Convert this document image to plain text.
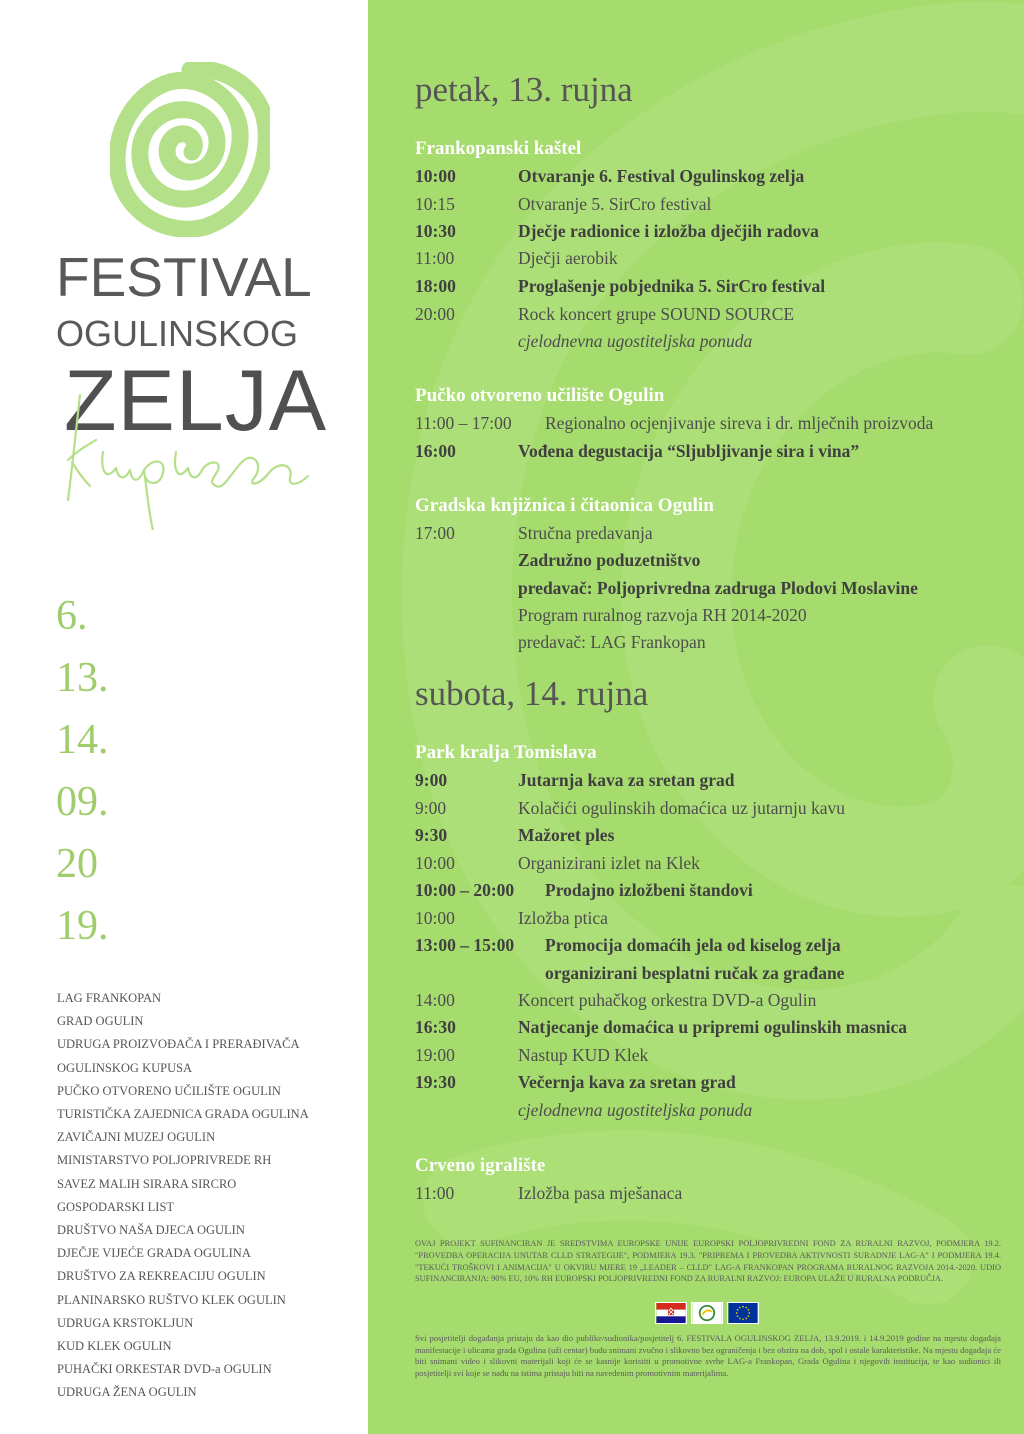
FESTIVAL
OGULINSKOG
ZELJA
6.
13.
14.
09.
20
19.
LAG FRANKOPAN
GRAD OGULIN
UDRUGA PROIZVOĐAČA I PRERAĐIVAČA
OGULINSKOG KUPUSA
PUČKO OTVORENO UČILIŠTE OGULIN
TURISTIČKA ZAJEDNICA GRADA OGULINA
ZAVIČAJNI MUZEJ OGULIN
MINISTARSTVO POLJOPRIVREDE RH
SAVEZ MALIH SIRARA SIRCRO
GOSPODARSKI LIST
DRUŠTVO NAŠA DJECA OGULIN
DJEČJE VIJEĆE GRADA OGULINA
DRUŠTVO ZA REKREACIJU OGULIN
PLANINARSKO RUŠTVO KLEK OGULIN
UDRUGA KRSTOKLJUN
KUD KLEK OGULIN
PUHAČKI ORKESTAR DVD-a OGULIN
UDRUGA ŽENA OGULIN
petak, 13. rujna
Frankopanski kaštel
10:00	Otvaranje 6. Festival Ogulinskog zelja
10:15	Otvaranje 5. SirCro festival
10:30	Dječje radionice i izložba dječjih radova
11:00	Dječji aerobik
18:00	Proglašenje pobjednika 5. SirCro festival
20:00	Rock koncert grupe SOUND SOURCE
cjelodnevna ugostiteljska ponuda
Pučko otvoreno učilište Ogulin
11:00 – 17:00 Regionalno ocjenjivanje sireva i dr. mlječnih proizvoda
16:00	Vođena degustacija “Sljubljivanje sira i vina”
Gradska knjižnica i čitaonica Ogulin
17:00	Stručna predavanja
Zadružno poduzetništvo
predavač: Poljoprivredna zadruga Plodovi Moslavine
Program ruralnog razvoja RH 2014-2020
predavač: LAG Frankopan
subota, 14. rujna
Park kralja Tomislava
9:00	Jutarnja kava za sretan grad
9:00	Kolačići ogulinskih domaćica uz jutarnju kavu
9:30	Mažoret ples
10:00	Organizirani izlet na Klek
10:00 – 20:00 Prodajno izložbeni štandovi
10:00	Izložba ptica
13:00 – 15:00 Promocija domaćih jela od kiselog zelja
organizirani besplatni ručak za građane
14:00	Koncert puhačkog orkestra DVD-a Ogulin
16:30	Natjecanje domaćica u pripremi ogulinskih masnica
19:00	Nastup KUD Klek
19:30	Večernja kava za sretan grad
cjelodnevna ugostiteljska ponuda
Crveno igralište
11:00	Izložba pasa mješanaca
OVAJ PROJEKT SUFINANCIRAN JE SREDSTVIMA EUROPSKE UNIJE EUROPSKI POLJOPRIVREDNI FOND ZA RURALNI RAZVOJ, PODMJERA 19.2. "PROVEDBA OPERACIJA UNUTAR CLLD STRATEGIJE", PODMJERA 19.3. "PRIPREMA I PROVEDBA AKTIVNOSTI SURADNJE LAG-A" I PODMJERA 19.4. "TEKUĆI TROŠKOVI I ANIMACIJA" U OKVIRU MJERE 19 „LEADER – CLLD" LAG-A FRANKOPAN PROGRAMA RURALNOG RAZVOJA 2014.-2020. UDIO SUFINANCIRANJA: 90% EU, 10% RH EUROPSKI POLJOPRIVREDNI FOND ZA RURALNI RAZVOJ: EUROPA ULAŽE U RURALNA PODRUČJA.
Svi posjetitelji događanja pristaju da kao dio publike/sudionika/posjetitelj 6. FESTIVALA OGULINSKOG ZELJA, 13.9.2019. i 14.9.2019 godine na mjestu događaja manifestacije i ulicama grada Ogulina (uži centar) budu snimani zvučno i slikovno bez ograničenja i bez obzira na dob, spol i ostale karakteristike. Na mjestu događaja će biti snimani video i slikovni materijali koji će se kasnije koristiti u promotivne svrhe LAG-a Frankopan, Grada Ogulina i njegovih institucija, te kao sudionici ili posjetitelji svi koje se nađu na istima pristaju biti na navedenim promotivnim materijalima.
